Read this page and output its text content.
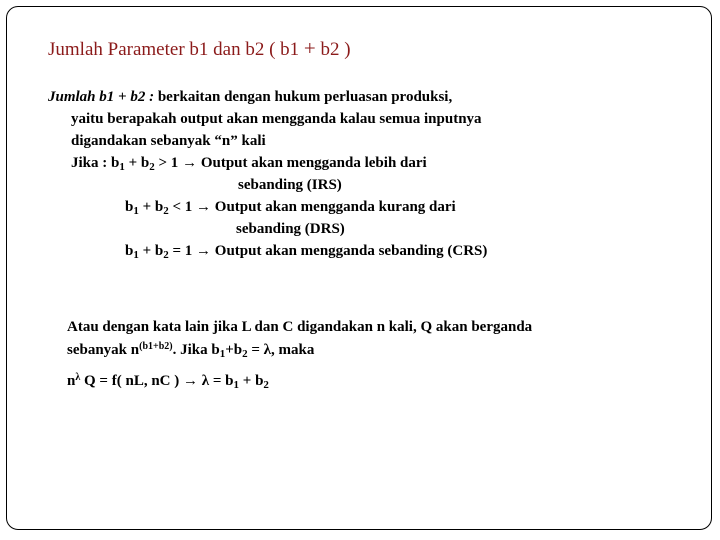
Jumlah Parameter b1 dan b2 ( b1 + b2 )
Jumlah b1 + b2 : berkaitan dengan hukum perluasan produksi,
yaitu berapakah output akan mengganda kalau semua inputnya
digandakan sebanyak “n” kali
Jika : $b_1 + b_2 > 1$ → Output akan mengganda lebih dari
sebanding (IRS)
$b_1 + b_2 < 1$ → Output akan mengganda kurang dari
sebanding (DRS)
$b_1 + b_2 = 1$ → Output akan mengganda sebanding (CRS)
Atau dengan kata lain jika L dan C digandakan n kali, Q akan berganda
sebanyak $n^{(b1+b2)}$. Jika $b_1+b_2 = \lambda$, maka
$n^\lambda$ Q = f( nL, nC ) → $\lambda = b_1 + b_2$
